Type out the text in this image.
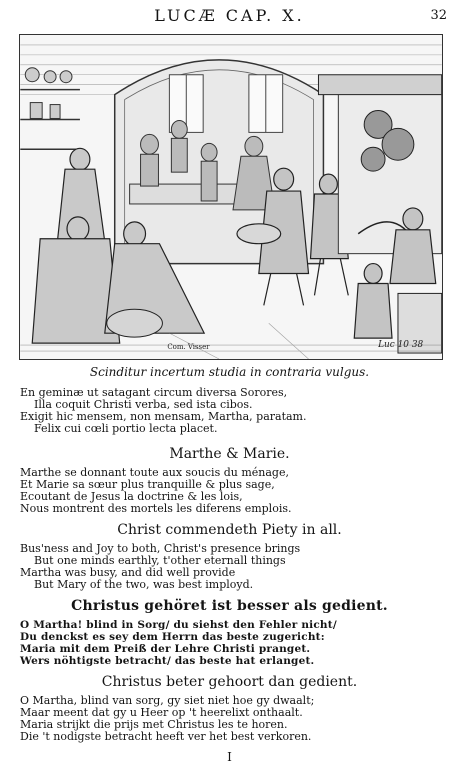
LUCÆ CAP. X.	32
Com. Visser	Luc 10 38
Scinditur incertum studia in contraria vulgus.
En geminæ ut satagant circum diversa Sorores,
Illa coquit Christi verba, sed ista cibos.
Exigit hic mensem, non mensam, Martha, paratam.
Felix cui cœli portio lecta placet.
Marthe & Marie.
Marthe se donnant toute aux soucis du ménage,
Et Marie sa sœur plus tranquille & plus sage,
Ecoutant de Jesus la doctrine & les lois,
Nous montrent des mortels les diferens emplois.
Christ commendeth Piety in all.
Bus'ness and Joy to both, Christ's presence brings
But one minds earthly, t'other eternall things
Martha was busy, and did well provide
But Mary of the two, was best imployd.
Christus gehöret ist besser als gedient.
O Martha! blind in Sorg/ du siehst den Fehler nicht/
Du denckst es sey dem Herrn das beste zugericht:
Maria mit dem Preiß der Lehre Christi pranget.
Wers nöhtigste betracht/ das beste hat erlanget.
Christus beter gehoort dan gedient.
O Martha, blind van sorg, gy siet niet hoe gy dwaalt;
Maar meent dat gy u Heer op 't heerelixt onthaalt.
Maria strijkt die prijs met Christus les te horen.
Die 't nodigste betracht heeft ver het best verkoren.
I
